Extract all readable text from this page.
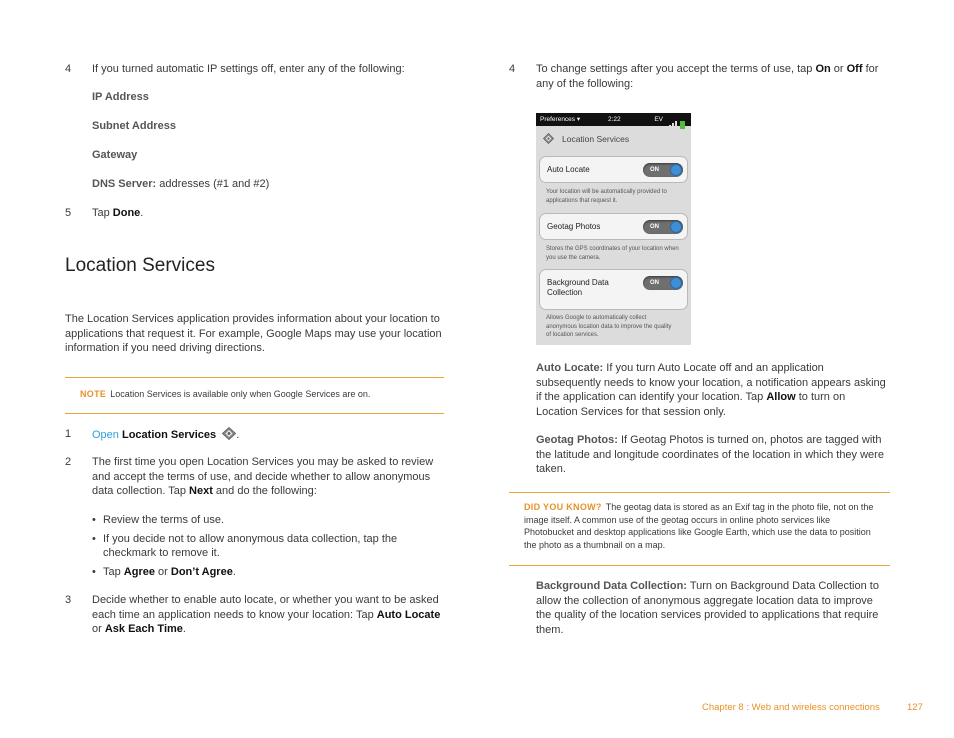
4	If you turned automatic IP settings off, enter any of the following:
IP Address
Subnet Address
Gateway
DNS Server: addresses (#1 and #2)
5	Tap Done.
Location Services
The Location Services application provides information about your location to applications that request it. For example, Google Maps may use your location information if you need driving directions.
NOTE Location Services is available only when Google Services are on.
1	Open Location Services .
2	The first time you open Location Services you may be asked to review and accept the terms of use, and decide whether to allow anonymous data collection. Tap Next and do the following:
• Review the terms of use.
• If you decide not to allow anonymous data collection, tap the checkmark to remove it.
• Tap Agree or Don’t Agree.
3	Decide whether to enable auto locate, or whether you want to be asked each time an application needs to know your location: Tap Auto Locate or Ask Each Time.
4	To change settings after you accept the terms of use, tap On or Off for any of the following:
Preferences ▾	2:22	EV
Location Services
Auto Locate	ON
Your location will be automatically provided to applications that request it.
Geotag Photos	ON
Stores the GPS coordinates of your location when you use the camera.
Background Data Collection
ON
Allows Google to automatically collect anonymous location data to improve the quality of location services.
Auto Locate: If you turn Auto Locate off and an application subsequently needs to know your location, a notification appears asking if the application can identify your location. Tap Allow to turn on Location Services for that session only.
Geotag Photos: If Geotag Photos is turned on, photos are tagged with the latitude and longitude coordinates of the location in which they were taken.
DID YOU KNOW? The geotag data is stored as an Exif tag in the photo file, not on the image itself. A common use of the geotag occurs in online photo services like Photobucket and desktop applications like Google Earth, which use the data to position the photo as a thumbnail on a map.
Background Data Collection: Turn on Background Data Collection to allow the collection of anonymous aggregate location data to improve the quality of the location services provided to applications that require them.
Chapter 8 : Web and wireless connections	127
